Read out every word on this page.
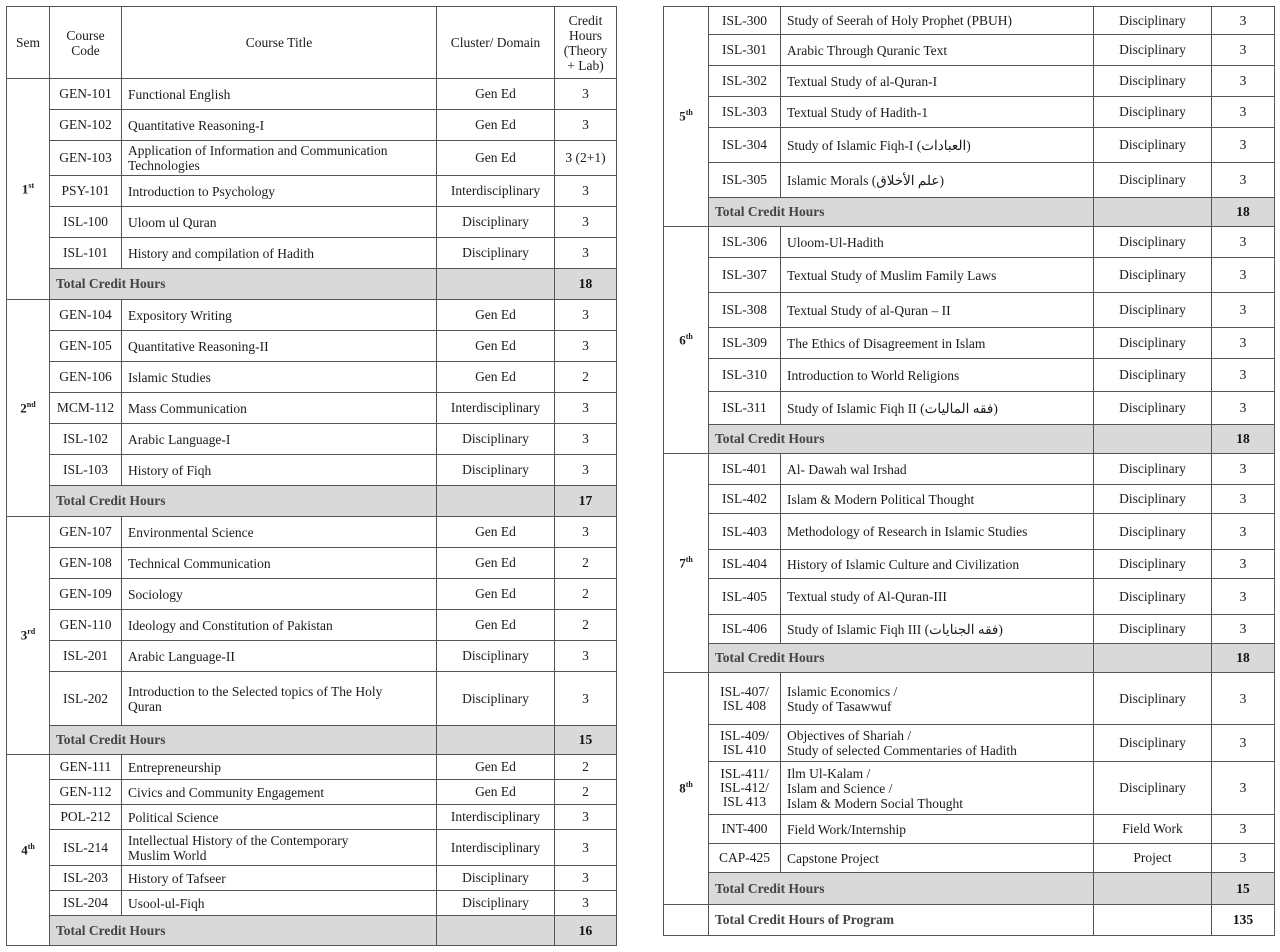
Sem	Course
Code	Course Title	Cluster/ Domain	Credit
Hours
(Theory
+ Lab)
1st	GEN-101	Functional English	Gen Ed	3
	GEN-102	Quantitative Reasoning-I	Gen Ed	3
	GEN-103	Application of Information and Communication
Technologies	Gen Ed	3 (2+1)
	PSY-101	Introduction to Psychology	Interdisciplinary	3
	ISL-100	Uloom ul Quran	Disciplinary	3
	ISL-101	History and compilation of Hadith	Disciplinary	3
	Total Credit Hours			18
2nd	GEN-104	Expository Writing	Gen Ed	3
	GEN-105	Quantitative Reasoning-II	Gen Ed	3
	GEN-106	Islamic Studies	Gen Ed	2
	MCM-112	Mass Communication	Interdisciplinary	3
	ISL-102	Arabic Language-I	Disciplinary	3
	ISL-103	History of Fiqh	Disciplinary	3
	Total Credit Hours			17
3rd	GEN-107	Environmental Science	Gen Ed	3
	GEN-108	Technical Communication	Gen Ed	2
	GEN-109	Sociology	Gen Ed	2
	GEN-110	Ideology and Constitution of Pakistan	Gen Ed	2
	ISL-201	Arabic Language-II	Disciplinary	3
	ISL-202	Introduction to the Selected topics of The Holy
Quran	Disciplinary	3
	Total Credit Hours			15
4th	GEN-111	Entrepreneurship	Gen Ed	2
	GEN-112	Civics and Community Engagement	Gen Ed	2
	POL-212	Political Science	Interdisciplinary	3
	ISL-214	Intellectual History of the Contemporary
Muslim World	Interdisciplinary	3
	ISL-203	History of Tafseer	Disciplinary	3
	ISL-204	Usool-ul-Fiqh	Disciplinary	3
	Total Credit Hours			16
5th	ISL-300	Study of Seerah of Holy Prophet (PBUH)	Disciplinary	3
	ISL-301	Arabic Through Quranic Text	Disciplinary	3
	ISL-302	Textual Study of al-Quran-I	Disciplinary	3
	ISL-303	Textual Study of Hadith-1	Disciplinary	3
	ISL-304	Study of Islamic Fiqh-I (العبادات)	Disciplinary	3
	ISL-305	Islamic Morals (علم الأخلاق)	Disciplinary	3
	Total Credit Hours			18
6th	ISL-306	Uloom-Ul-Hadith	Disciplinary	3
	ISL-307	Textual Study of Muslim Family Laws	Disciplinary	3
	ISL-308	Textual Study of al-Quran – II	Disciplinary	3
	ISL-309	The Ethics of Disagreement in Islam	Disciplinary	3
	ISL-310	Introduction to World Religions	Disciplinary	3
	ISL-311	Study of Islamic Fiqh II (فقه الماليات)	Disciplinary	3
	Total Credit Hours			18
7th	ISL-401	Al- Dawah wal Irshad	Disciplinary	3
	ISL-402	Islam & Modern Political Thought	Disciplinary	3
	ISL-403	Methodology of Research in Islamic Studies	Disciplinary	3
	ISL-404	History of Islamic Culture and Civilization	Disciplinary	3
	ISL-405	Textual study of Al-Quran-III	Disciplinary	3
	ISL-406	Study of Islamic Fiqh III (فقه الجنايات)	Disciplinary	3
	Total Credit Hours			18
8th	ISL-407/
ISL 408	Islamic Economics /
Study of Tasawwuf	Disciplinary	3
	ISL-409/
ISL 410	Objectives of Shariah /
Study of selected Commentaries of Hadith	Disciplinary	3
	ISL-411/
ISL-412/
ISL 413	Ilm Ul-Kalam /
Islam and Science /
Islam & Modern Social Thought	Disciplinary	3
	INT-400	Field Work/Internship	Field Work	3
	CAP-425	Capstone Project	Project	3
	Total Credit Hours			15
	Total Credit Hours of Program			135
